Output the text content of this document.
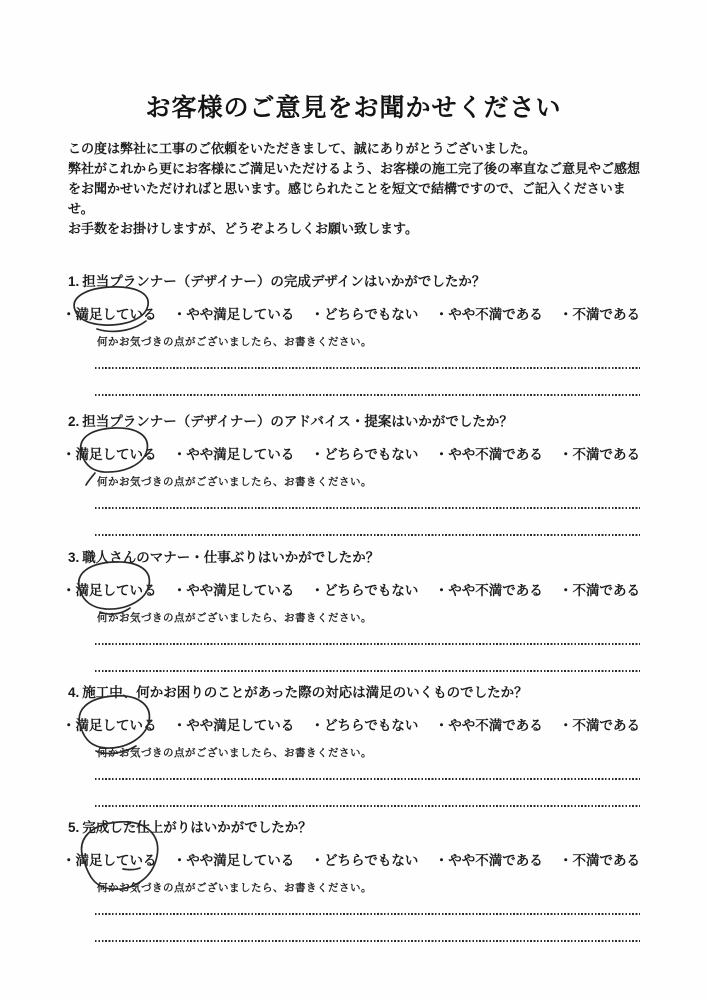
お客様のご意見をお聞かせください
この度は弊社に工事のご依頼をいただきまして、誠にありがとうございました。
弊社がこれから更にお客様にご満足いただけるよう、お客様の施工完了後の率直なご意見やご感想
をお聞かせいただければと思います。感じられたことを短文で結構ですので、ご記入くださいませ。
お手数をお掛けしますが、どうぞよろしくお願い致します。
1. 担当プランナー（デザイナー）の完成デザインはいかがでしたか？
・満足している ・やや満足している ・どちらでもない ・やや不満である ・不満である
何かお気づきの点がございましたら、お書きください。
2. 担当プランナー（デザイナー）のアドバイス・提案はいかがでしたか？
・満足している ・やや満足している ・どちらでもない ・やや不満である ・不満である
何かお気づきの点がございましたら、お書きください。
3. 職人さんのマナー・仕事ぶりはいかがでしたか？
・満足している ・やや満足している ・どちらでもない ・やや不満である ・不満である
何かお気づきの点がございましたら、お書きください。
4. 施工中、何かお困りのことがあった際の対応は満足のいくものでしたか？
・満足している ・やや満足している ・どちらでもない ・やや不満である ・不満である
何かお気づきの点がございましたら、お書きください。
5. 完成した仕上がりはいかがでしたか？
・満足している ・やや満足している ・どちらでもない ・やや不満である ・不満である
何かお気づきの点がございましたら、お書きください。
